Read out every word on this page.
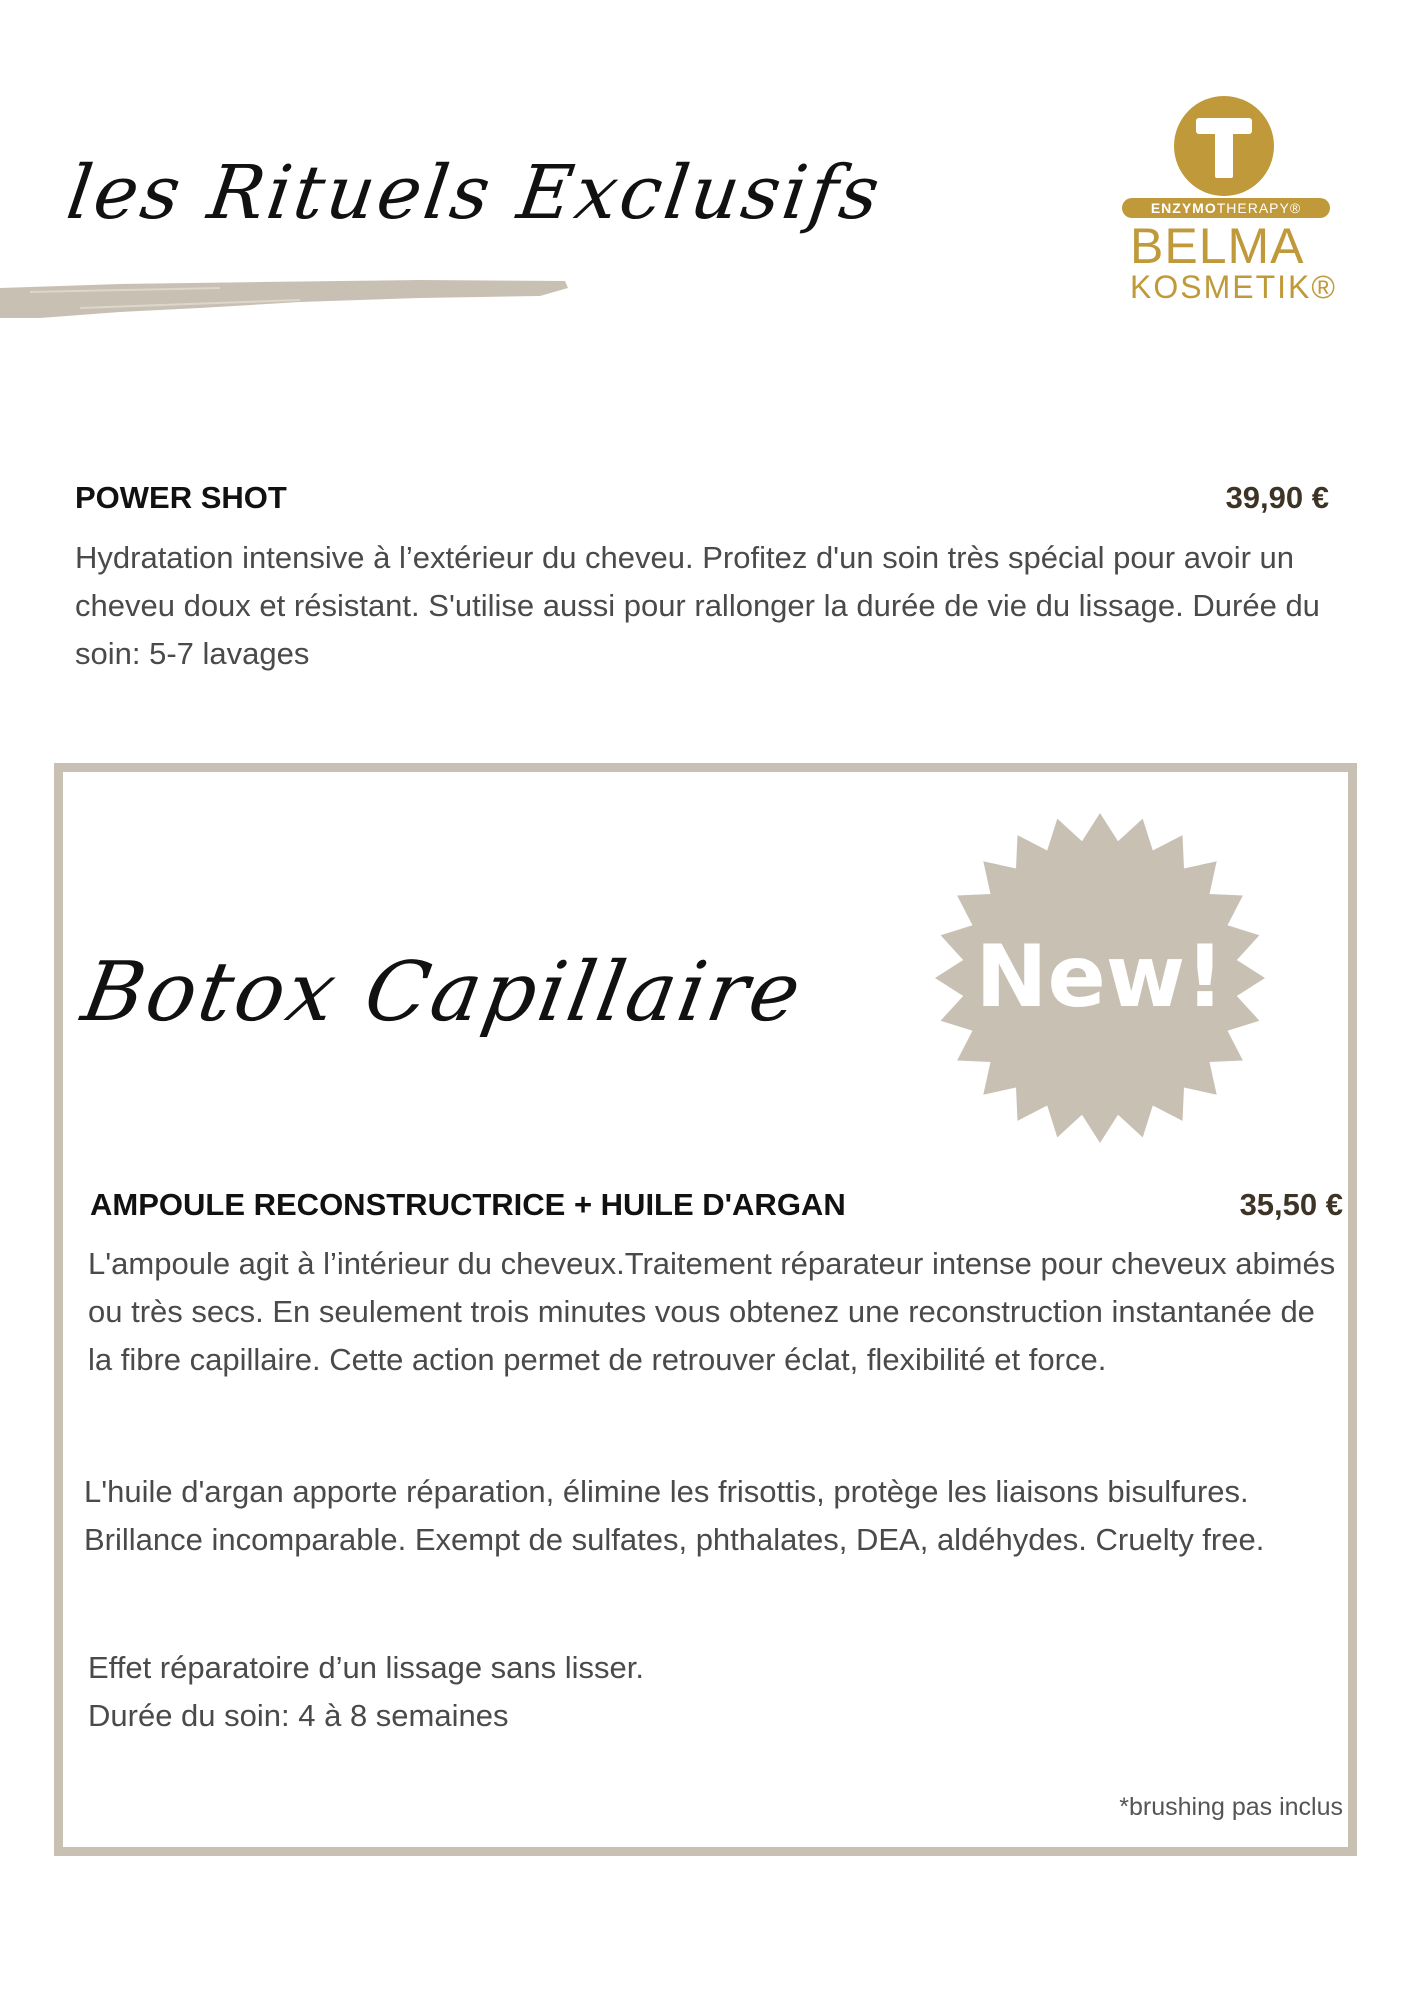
les Rituels Exclusifs	ENZYMOTHERAPY®
BELMA
KOSMETIK®
POWER SHOT	39,90 €
Hydratation intensive à l’extérieur du cheveu. Profitez d'un soin très spécial pour avoir un cheveu doux et résistant. S'utilise aussi pour rallonger la durée de vie du lissage. Durée du soin: 5-7 lavages
Botox Capillaire New!
AMPOULE RECONSTRUCTRICE + HUILE D'ARGAN	35,50 €
L'ampoule agit à l’intérieur du cheveux.Traitement réparateur intense pour cheveux abimés ou très secs. En seulement trois minutes vous obtenez une reconstruction instantanée de la fibre capillaire. Cette action permet de retrouver éclat, flexibilité et force.
L'huile d'argan apporte réparation, élimine les frisottis, protège les liaisons bisulfures. Brillance incomparable. Exempt de sulfates, phthalates, DEA, aldéhydes. Cruelty free.
Effet réparatoire d’un lissage sans lisser.
Durée du soin: 4 à 8 semaines
*brushing pas inclus
